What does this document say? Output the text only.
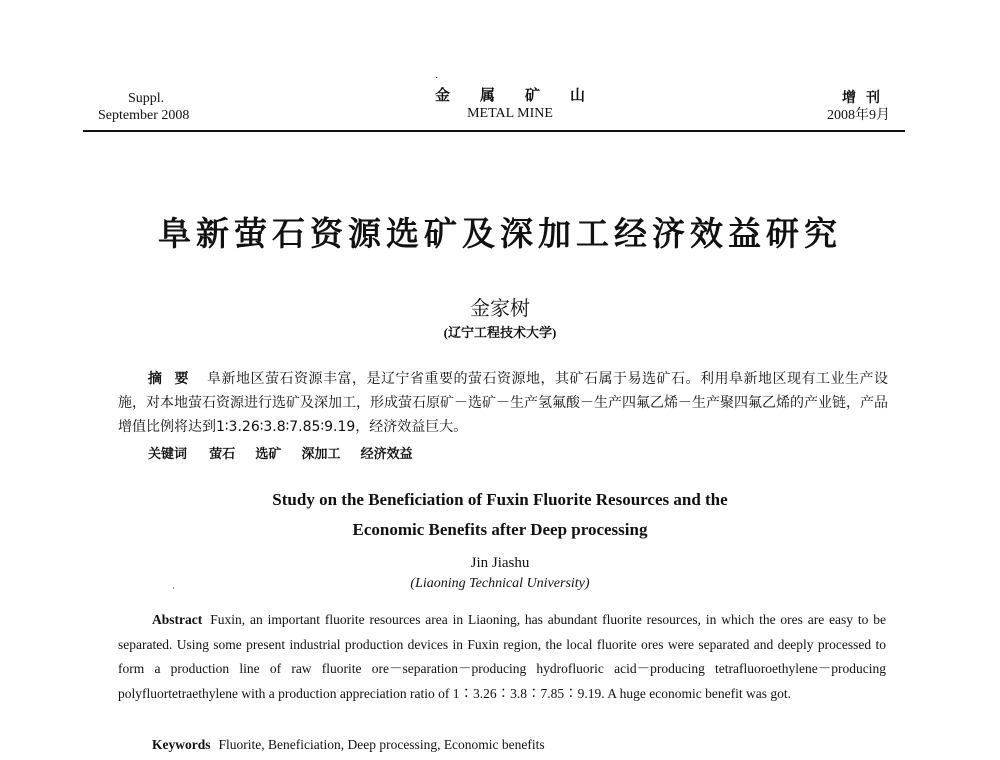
·
Suppl.
September 2008
金属矿山
METAL MINE
增刊
2008年9月
阜新萤石资源选矿及深加工经济效益研究
金家树
(辽宁工程技术大学)
摘要 阜新地区萤石资源丰富，是辽宁省重要的萤石资源地，其矿石属于易选矿石。利用阜新地区现有工业生产设施，对本地萤石资源进行选矿及深加工，形成萤石原矿－选矿－生产氢氟酸－生产四氟乙烯－生产聚四氟乙烯的产业链，产品增值比例将达到1∶3.26∶3.8∶7.85∶9.19，经济效益巨大。
关键词 萤石 选矿 深加工 经济效益
Study on the Beneficiation of Fuxin Fluorite Resources and the
Economic Benefits after Deep processing
Jin Jiashu
(Liaoning Technical University)
·
Abstract Fuxin, an important fluorite resources area in Liaoning, has abundant fluorite resources, in which the ores are easy to be separated. Using some present industrial production devices in Fuxin region, the local fluorite ores were separated and deeply processed to form a production line of raw fluorite ore－separation－producing hydrofluoric acid－producing tetrafluoroethylene－producing polyfluortetraethylene with a production appreciation ratio of 1∶3.26∶3.8∶7.85∶9.19. A huge economic benefit was got.
Keywords Fluorite, Beneficiation, Deep processing, Economic benefits
